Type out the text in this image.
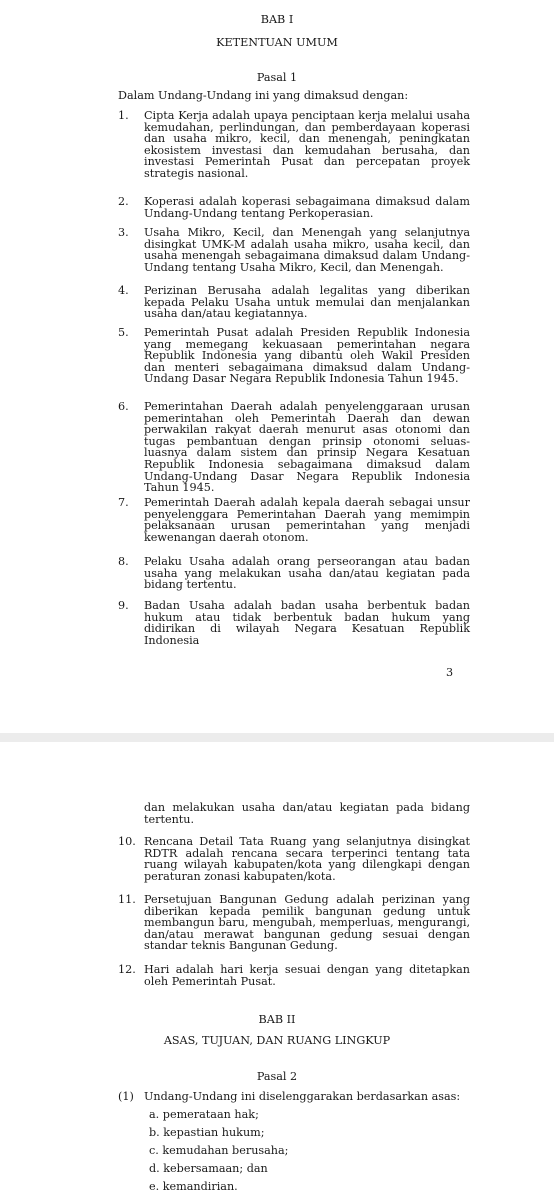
BAB I
KETENTUAN UMUM
Pasal 1
Dalam Undang-Undang ini yang dimaksud dengan:
1. Cipta Kerja adalah upaya penciptaan kerja melalui usaha kemudahan, perlindungan, dan pemberdayaan koperasi dan usaha mikro, kecil, dan menengah, peningkatan ekosistem investasi dan kemudahan berusaha, dan investasi Pemerintah Pusat dan percepatan proyek strategis nasional.
2. Koperasi adalah koperasi sebagaimana dimaksud dalam Undang-Undang tentang Perkoperasian.
3. Usaha Mikro, Kecil, dan Menengah yang selanjutnya disingkat UMK-M adalah usaha mikro, usaha kecil, dan usaha menengah sebagaimana dimaksud dalam Undang-Undang tentang Usaha Mikro, Kecil, dan Menengah.
4. Perizinan Berusaha adalah legalitas yang diberikan kepada Pelaku Usaha untuk memulai dan menjalankan usaha dan/atau kegiatannya.
5. Pemerintah Pusat adalah Presiden Republik Indonesia yang memegang kekuasaan pemerintahan negara Republik Indonesia yang dibantu oleh Wakil Presiden dan menteri sebagaimana dimaksud dalam Undang-Undang Dasar Negara Republik Indonesia Tahun 1945.
6. Pemerintahan Daerah adalah penyelenggaraan urusan pemerintahan oleh Pemerintah Daerah dan dewan perwakilan rakyat daerah menurut asas otonomi dan tugas pembantuan dengan prinsip otonomi seluas-luasnya dalam sistem dan prinsip Negara Kesatuan Republik Indonesia sebagaimana dimaksud dalam Undang-Undang Dasar Negara Republik Indonesia Tahun 1945.
7. Pemerintah Daerah adalah kepala daerah sebagai unsur penyelenggara Pemerintahan Daerah yang memimpin pelaksanaan urusan pemerintahan yang menjadi kewenangan daerah otonom.
8. Pelaku Usaha adalah orang perseorangan atau badan usaha yang melakukan usaha dan/atau kegiatan pada bidang tertentu.
9. Badan Usaha adalah badan usaha berbentuk badan hukum atau tidak berbentuk badan hukum yang didirikan di wilayah Negara Kesatuan Republik Indonesia
3
dan melakukan usaha dan/atau kegiatan pada bidang tertentu.
10. Rencana Detail Tata Ruang yang selanjutnya disingkat RDTR adalah rencana secara terperinci tentang tata ruang wilayah kabupaten/kota yang dilengkapi dengan peraturan zonasi kabupaten/kota.
11. Persetujuan Bangunan Gedung adalah perizinan yang diberikan kepada pemilik bangunan gedung untuk membangun baru, mengubah, memperluas, mengurangi, dan/atau merawat bangunan gedung sesuai dengan standar teknis Bangunan Gedung.
12. Hari adalah hari kerja sesuai dengan yang ditetapkan oleh Pemerintah Pusat.
BAB II
ASAS, TUJUAN, DAN RUANG LINGKUP
Pasal 2
(1) Undang-Undang ini diselenggarakan berdasarkan asas:
a. pemerataan hak;
b. kepastian hukum;
c. kemudahan berusaha;
d. kebersamaan; dan
e. kemandirian.
